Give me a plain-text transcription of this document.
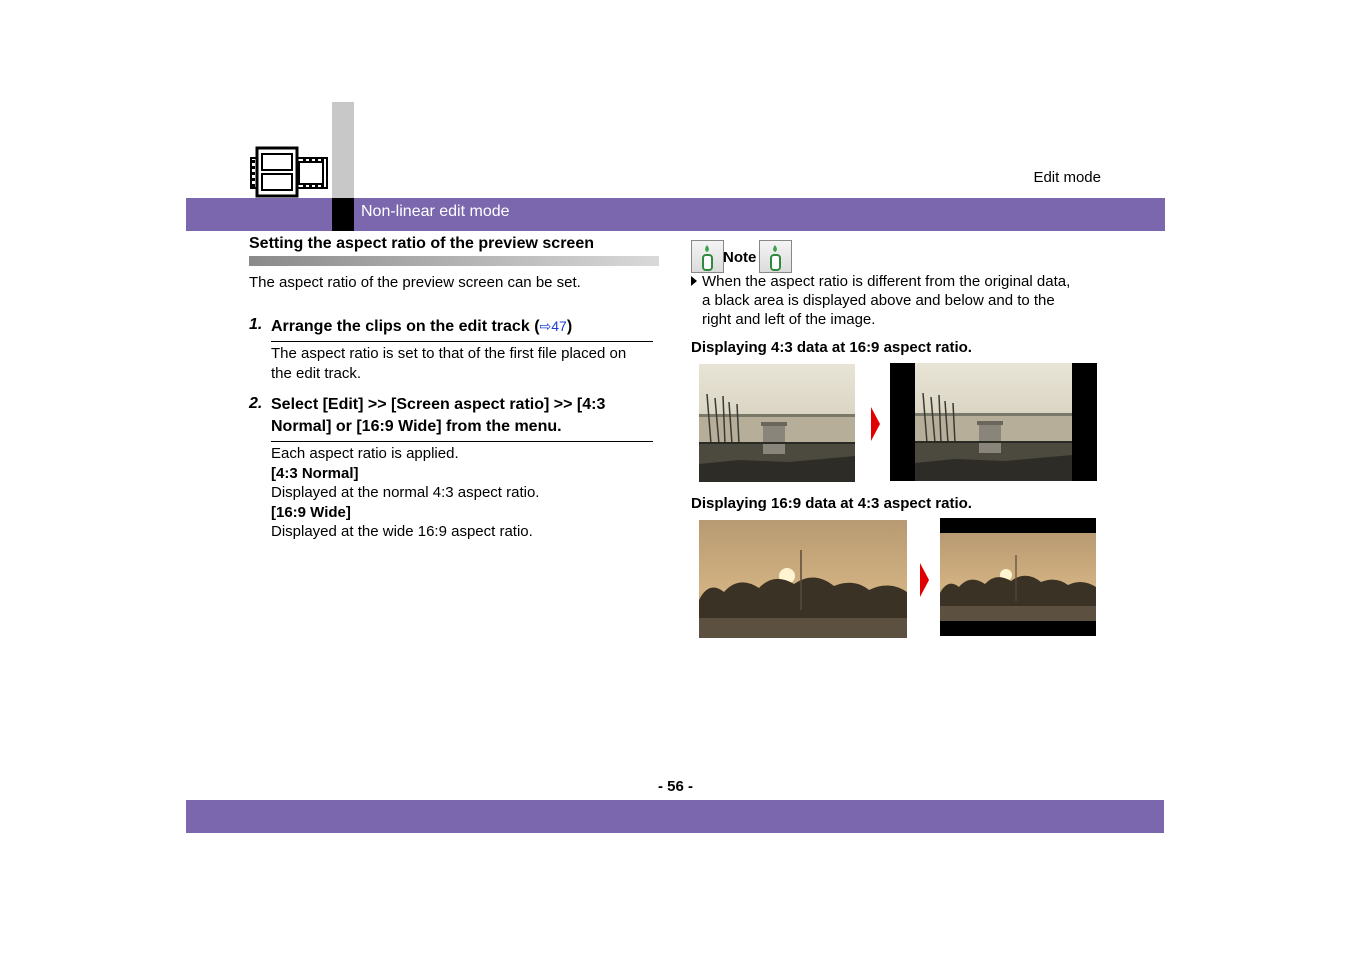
Edit mode
Non-linear edit mode
Setting the aspect ratio of the preview screen
The aspect ratio of the preview screen can be set.
1. Arrange the clips on the edit track (⇨47)
The aspect ratio is set to that of the first file placed on
the edit track.
2. Select [Edit] >> [Screen aspect ratio] >> [4:3
Normal] or [16:9 Wide] from the menu.
Each aspect ratio is applied.
[4:3 Normal]
Displayed at the normal 4:3 aspect ratio.
[16:9 Wide]
Displayed at the wide 16:9 aspect ratio.
Note
When the aspect ratio is different from the original data,
a black area is displayed above and below and to the
right and left of the image.
Displaying 4:3 data at 16:9 aspect ratio.
Displaying 16:9 data at 4:3 aspect ratio.
- 56 -
